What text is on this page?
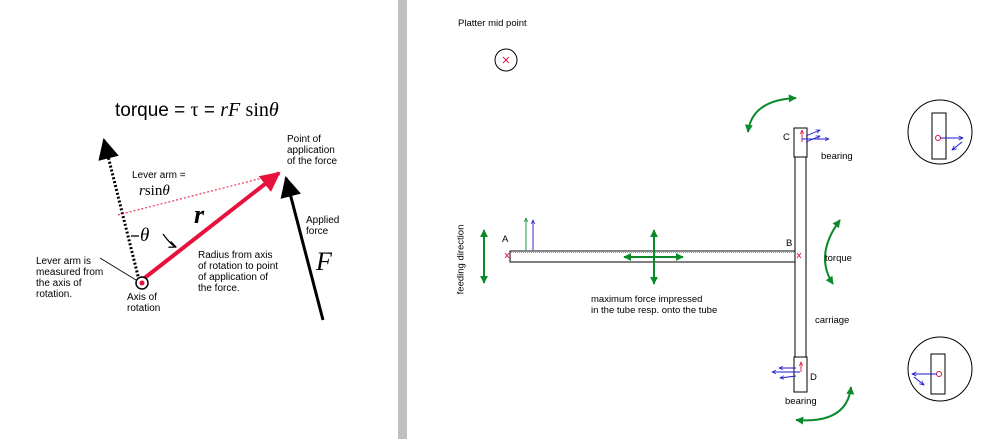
torque = τ = rF sinθ
Point of
application
of the force
Lever arm =
rsinθ
θ
r	Applied
force
F
Lever arm is
measured from
the axis of
rotation.
Radius from axis
of rotation to point
of application of
the force.
Axis of
rotation
Platter mid point
A	B
C
D
feeding direction
maximum force impressed
in the tube resp. onto the tube
bearing
bearing
torque
carriage
